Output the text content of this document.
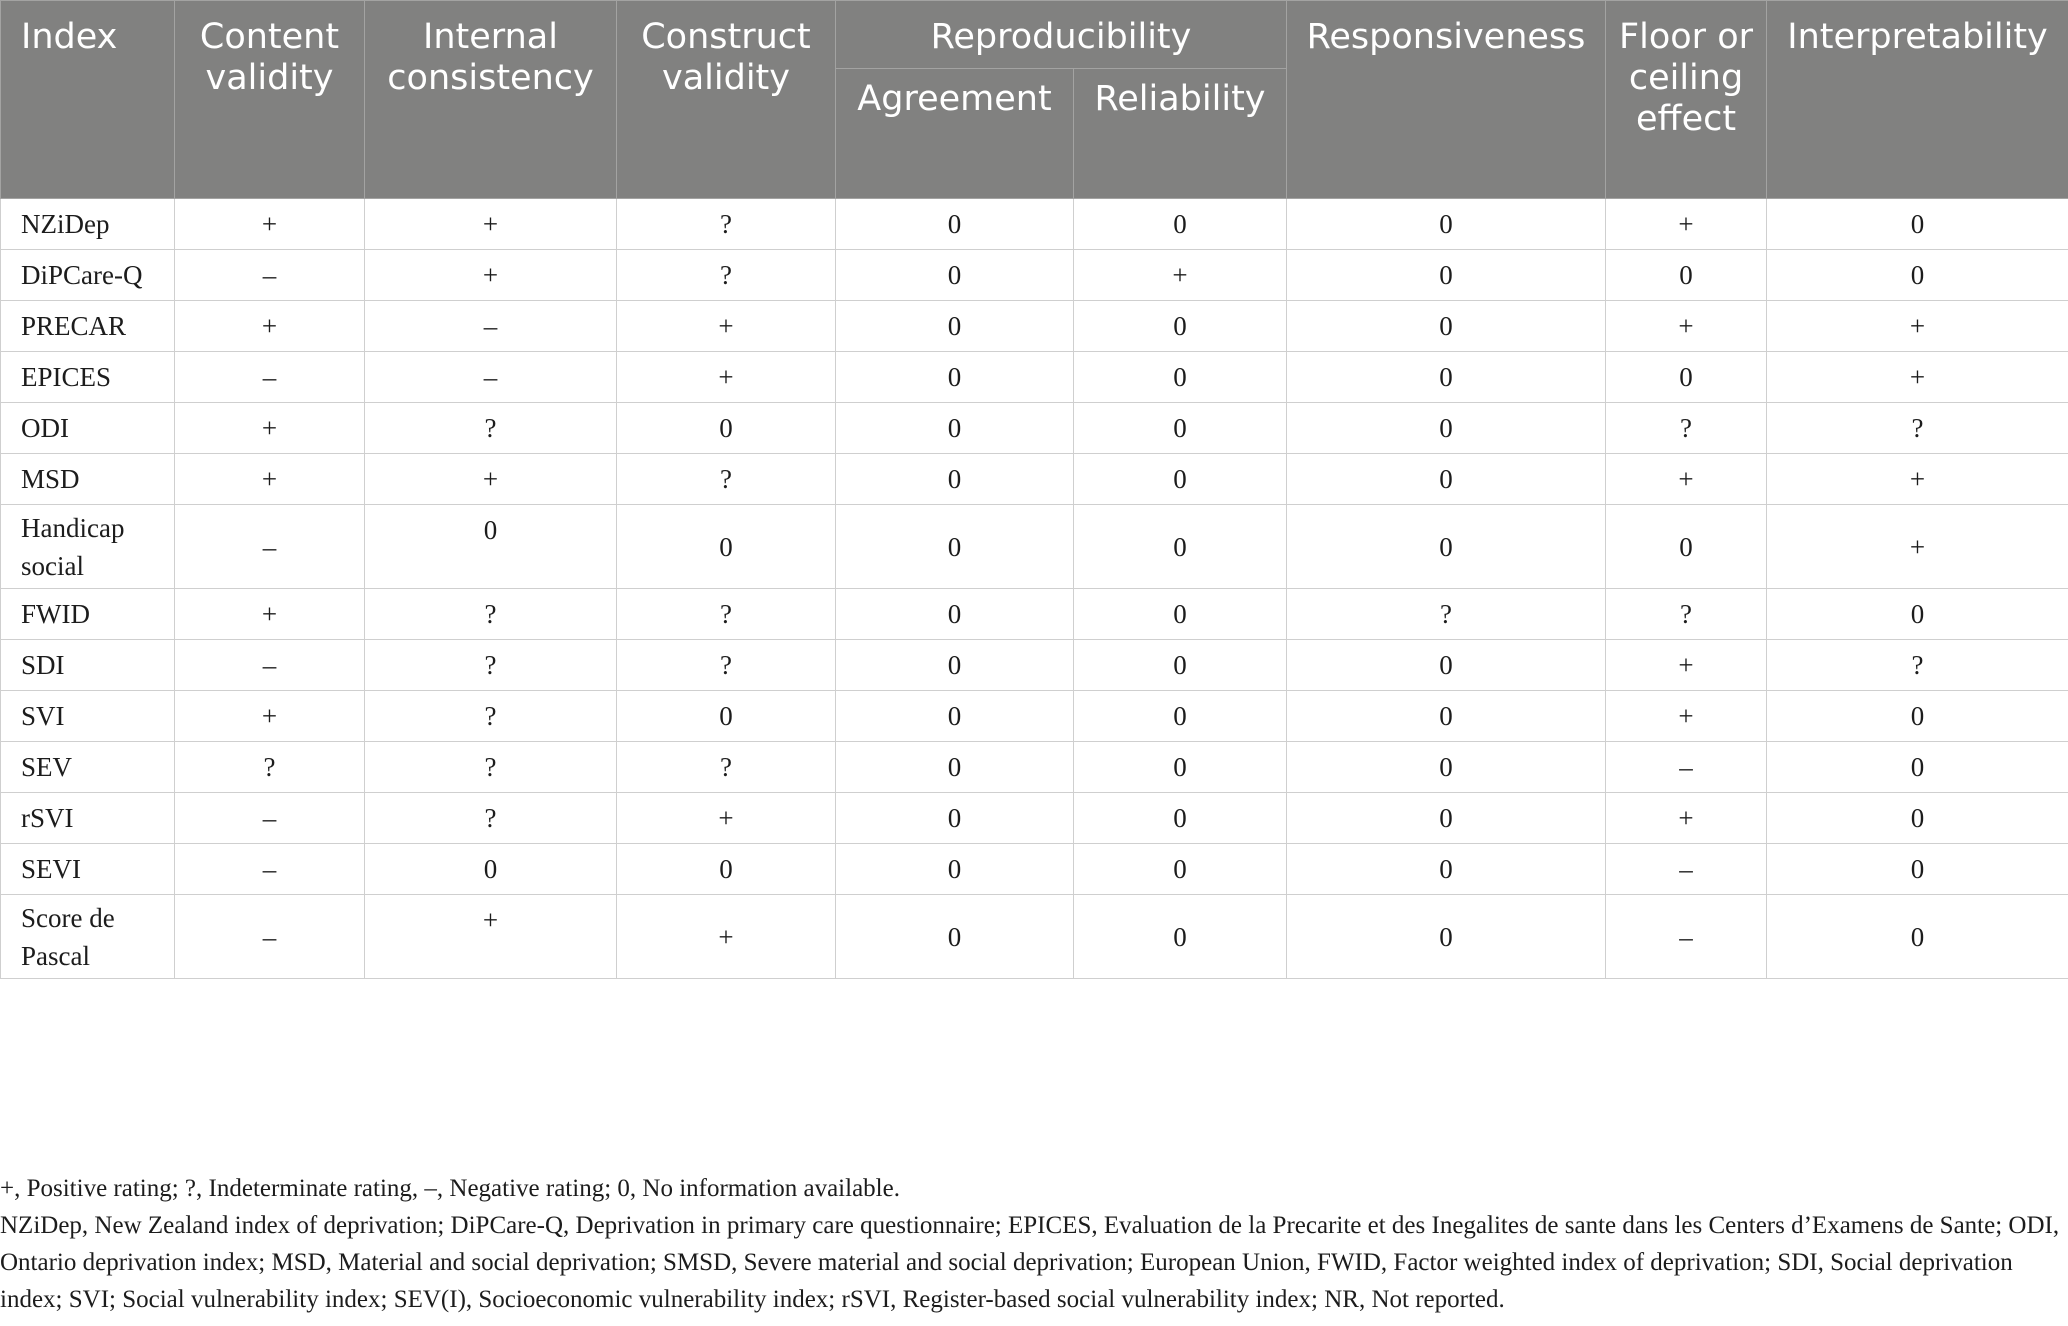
Index	Content validity	Internal consistency	Construct validity	Reproducibility		Responsiveness	Floor or ceiling effect	Interpretability
				Agreement	Reliability			
NZiDep	+	+	?	0	0	0	+	0
DiPCare-Q	–	+	?	0	+	0	0	0
PRECAR	+	–	+	0	0	0	+	+
EPICES	–	–	+	0	0	0	0	+
ODI	+	?	0	0	0	0	?	?
MSD	+	+	?	0	0	0	+	+
Handicap social	–	0	0	0	0	0	0	+
FWID	+	?	?	0	0	?	?	0
SDI	–	?	?	0	0	0	+	?
SVI	+	?	0	0	0	0	+	0
SEV	?	?	?	0	0	0	–	0
rSVI	–	?	+	0	0	0	+	0
SEVI	–	0	0	0	0	0	–	0
Score de Pascal	–	+	+	0	0	0	–	0

+, Positive rating; ?, Indeterminate rating, –, Negative rating; 0, No information available.

NZiDep, New Zealand index of deprivation; DiPCare-Q, Deprivation in primary care questionnaire; EPICES, Evaluation de la Precarite et des Inegalites de sante dans les Centers d’Examens de Sante; ODI, Ontario deprivation index; MSD, Material and social deprivation; SMSD, Severe material and social deprivation; European Union, FWID, Factor weighted index of deprivation; SDI, Social deprivation index; SVI; Social vulnerability index; SEV(I), Socioeconomic vulnerability index; rSVI, Register-based social vulnerability index; NR, Not reported.
